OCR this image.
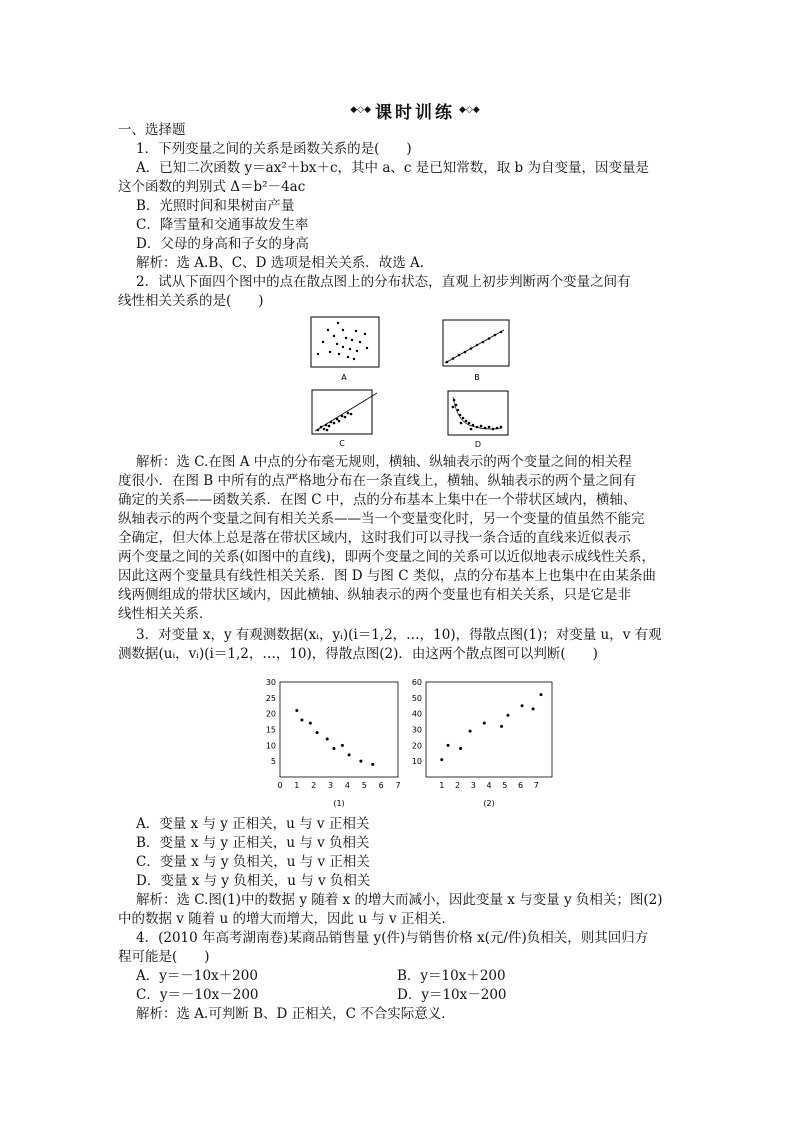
◆◇◆ 课时训练 ◆◇◆
一、选择题
1．下列变量之间的关系是函数关系的是(　　)
A．已知二次函数 y＝ax²＋bx＋c，其中 a、c 是已知常数，取 b 为自变量，因变量是
这个函数的判别式 Δ＝b²－4ac
B．光照时间和果树亩产量
C．降雪量和交通事故发生率
D．父母的身高和子女的身高
解析：选 A.B、C、D 选项是相关关系．故选 A.
2．试从下面四个图中的点在散点图上的分布状态，直观上初步判断两个变量之间有
线性相关关系的是(　　)
A	B
C	D
解析：选 C.在图 A 中点的分布毫无规则，横轴、纵轴表示的两个变量之间的相关程
度很小．在图 B 中所有的点严格地分布在一条直线上，横轴、纵轴表示的两个量之间有
确定的关系——函数关系．在图 C 中，点的分布基本上集中在一个带状区域内，横轴、
纵轴表示的两个变量之间有相关关系——当一个变量变化时，另一个变量的值虽然不能完
全确定，但大体上总是落在带状区域内，这时我们可以寻找一条合适的直线来近似表示
两个变量之间的关系(如图中的直线)，即两个变量之间的关系可以近似地表示成线性关系，
因此这两个变量具有线性相关关系．图 D 与图 C 类似，点的分布基本上也集中在由某条曲
线两侧组成的带状区域内，因此横轴、纵轴表示的两个变量也有相关关系，只是它是非
线性相关关系．
3．对变量 x，y 有观测数据(xᵢ，yᵢ)(i＝1,2，…，10)，得散点图(1)；对变量 u，v 有观
测数据(uᵢ，vᵢ)(i＝1,2，…，10)，得散点图(2)．由这两个散点图可以判断(　　)
5
10
15
20
25
30
0 1 2 3 4 5 6 7
(1)
10
20
30
40
50
60
1 2 3 4 5 6 7
(2)
A．变量 x 与 y 正相关，u 与 v 正相关
B．变量 x 与 y 正相关，u 与 v 负相关
C．变量 x 与 y 负相关，u 与 v 正相关
D．变量 x 与 y 负相关，u 与 v 负相关
解析：选 C.图(1)中的数据 y 随着 x 的增大而减小，因此变量 x 与变量 y 负相关；图(2)
中的数据 v 随着 u 的增大而增大，因此 u 与 v 正相关．
4．(2010 年高考湖南卷)某商品销售量 y(件)与销售价格 x(元/件)负相关，则其回归方
程可能是(　　)
A．y＝－10x＋200	B．y＝10x＋200
C．y＝－10x－200	D．y＝10x－200
解析：选 A.可判断 B、D 正相关，C 不合实际意义．
